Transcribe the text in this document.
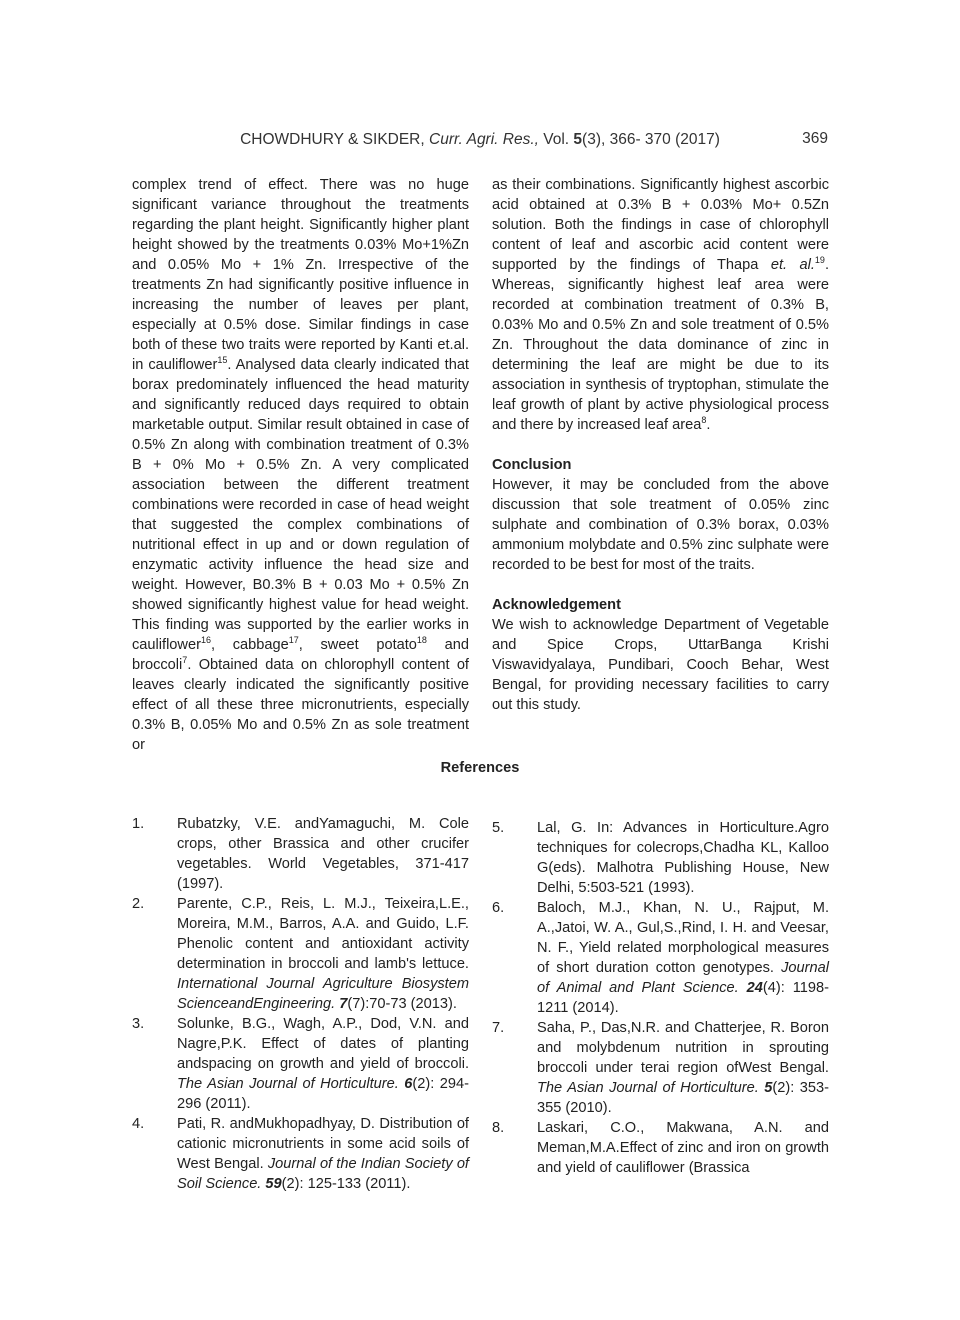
CHOWDHURY & SIKDER, Curr. Agri. Res., Vol. 5(3), 366- 370 (2017)	369

complex trend of effect. There was no huge significant variance throughout the treatments regarding the plant height. Significantly higher plant height showed by the treatments 0.03% Mo+1%Zn and 0.05% Mo + 1% Zn. Irrespective of the treatments Zn had significantly positive influence in increasing the number of leaves per plant, especially at 0.5% dose. Similar findings in case both of these two traits were reported by Kanti et.al. in cauliflower$^{15}$. Analysed data clearly indicated that borax predominately influenced the head maturity and significantly reduced days required to obtain marketable output. Similar result obtained in case of 0.5% Zn along with combination treatment of 0.3% B + 0% Mo + 0.5% Zn. A very complicated association between the different treatment combinations were recorded in case of head weight that suggested the complex combinations of nutritional effect in up and or down regulation of enzymatic activity influence the head size and weight. However, B0.3% B + 0.03 Mo + 0.5% Zn showed significantly highest value for head weight. This finding was supported by the earlier works in cauliflower$^{16}$, cabbage$^{17}$, sweet potato$^{18}$ and broccoli$^7$. Obtained data on chlorophyll content of leaves clearly indicated the significantly positive effect of all these three micronutrients, especially 0.3% B, 0.05% Mo and 0.5% Zn as sole treatment or

as their combinations. Significantly highest ascorbic acid obtained at 0.3% B + 0.03% Mo+ 0.5Zn solution. Both the findings in case of chlorophyll content of leaf and ascorbic acid content were supported by the findings of Thapa et. al.$^{19}$. Whereas, significantly highest leaf area were recorded at combination treatment of 0.3% B, 0.03% Mo and 0.5% Zn and sole treatment of 0.5% Zn. Throughout the data dominance of zinc in determining the leaf are might be due to its association in synthesis of tryptophan, stimulate the leaf growth of plant by active physiological process and there by increased leaf area$^8$.

Conclusion

However, it may be concluded from the above discussion that sole treatment of 0.05% zinc sulphate and combination of 0.3% borax, 0.03% ammonium molybdate and 0.5% zinc sulphate were recorded to be best for most of the traits.

Acknowledgement

We wish to acknowledge Department of Vegetable and Spice Crops, UttarBanga Krishi Viswavidyalaya, Pundibari, Cooch Behar, West Bengal, for providing necessary facilities to carry out this study.

References
1.	Rubatzky, V.E. andYamaguchi, M. Cole crops, other Brassica and other crucifer vegetables. World Vegetables, 371-417 (1997).
2.	Parente, C.P., Reis, L. M.J., Teixeira,L.E., Moreira, M.M., Barros, A.A. and Guido, L.F. Phenolic content and antioxidant activity determination in broccoli and lamb's lettuce. International Journal Agriculture Biosystem ScienceandEngineering. 7(7):70-73 (2013).
3.	Solunke, B.G., Wagh, A.P., Dod, V.N. and Nagre,P.K. Effect of dates of planting andspacing on growth and yield of broccoli. The Asian Journal of Horticulture. 6(2): 294-296 (2011).
4.	Pati, R. andMukhopadhyay, D. Distribution of cationic micronutrients in some acid soils of West Bengal. Journal of the Indian Society of Soil Science. 59(2): 125-133 (2011).
5.	Lal, G. In: Advances in Horticulture.Agro techniques for colecrops,Chadha KL, Kalloo G(eds). Malhotra Publishing House, New Delhi, 5:503-521 (1993).
6.	Baloch, M.J., Khan, N. U., Rajput, M. A.,Jatoi, W. A., Gul,S.,Rind, I. H. and Veesar, N. F., Yield related morphological measures of short duration cotton genotypes. Journal of Animal and Plant Science. 24(4): 1198-1211 (2014).
7.	Saha, P., Das,N.R. and Chatterjee, R. Boron and molybdenum nutrition in sprouting broccoli under terai region ofWest Bengal. The Asian Journal of Horticulture. 5(2): 353-355 (2010).
8.	Laskari, C.O., Makwana, A.N. and Meman,M.A.Effect of zinc and iron on growth and yield of cauliflower (Brassica
